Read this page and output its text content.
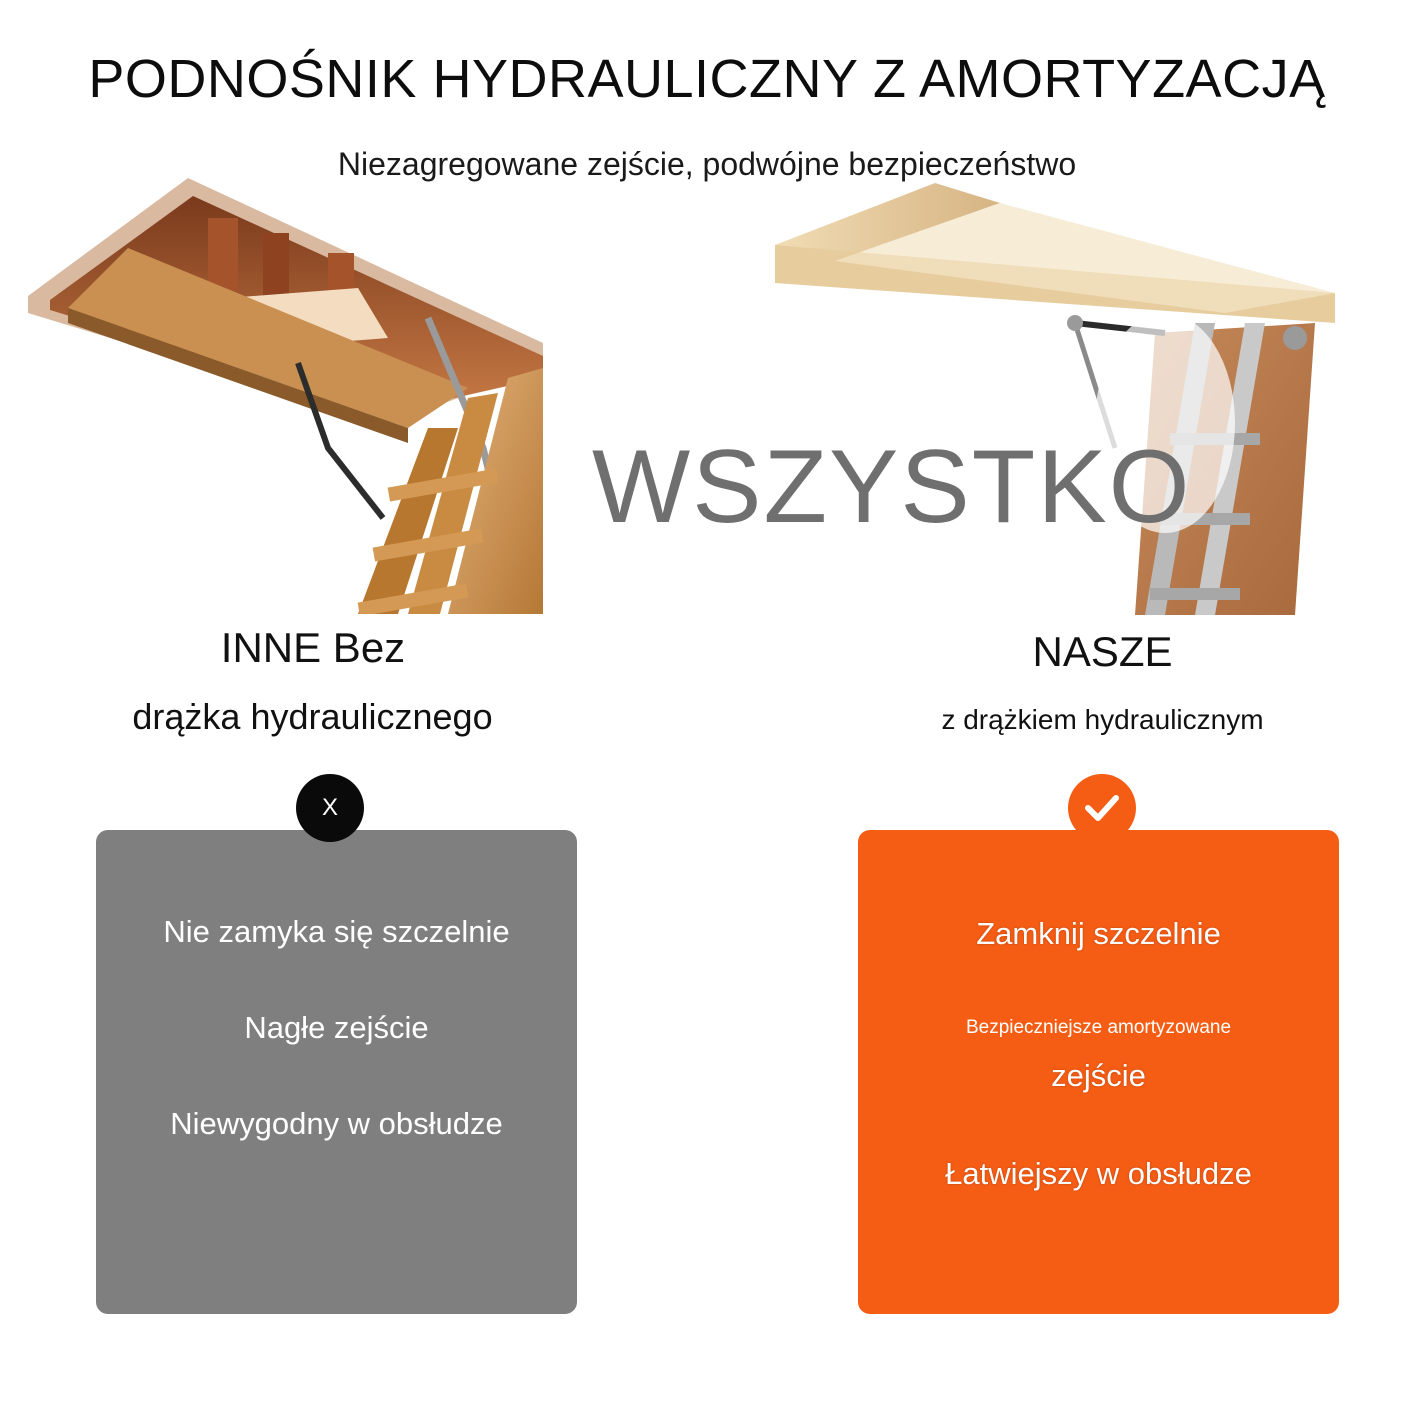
PODNOŚNIK HYDRAULICZNY Z AMORTYZACJĄ
Niezagregowane zejście, podwójne bezpieczeństwo
WSZYSTKO
INNE Bez
drążka hydraulicznego
NASZE
z drążkiem hydraulicznym
Nie zamyka się szczelnie
Nagłe zejście
Niewygodny w obsłudze
Zamknij szczelnie
Bezpieczniejsze amortyzowane
zejście
Łatwiejszy w obsłudze
X
